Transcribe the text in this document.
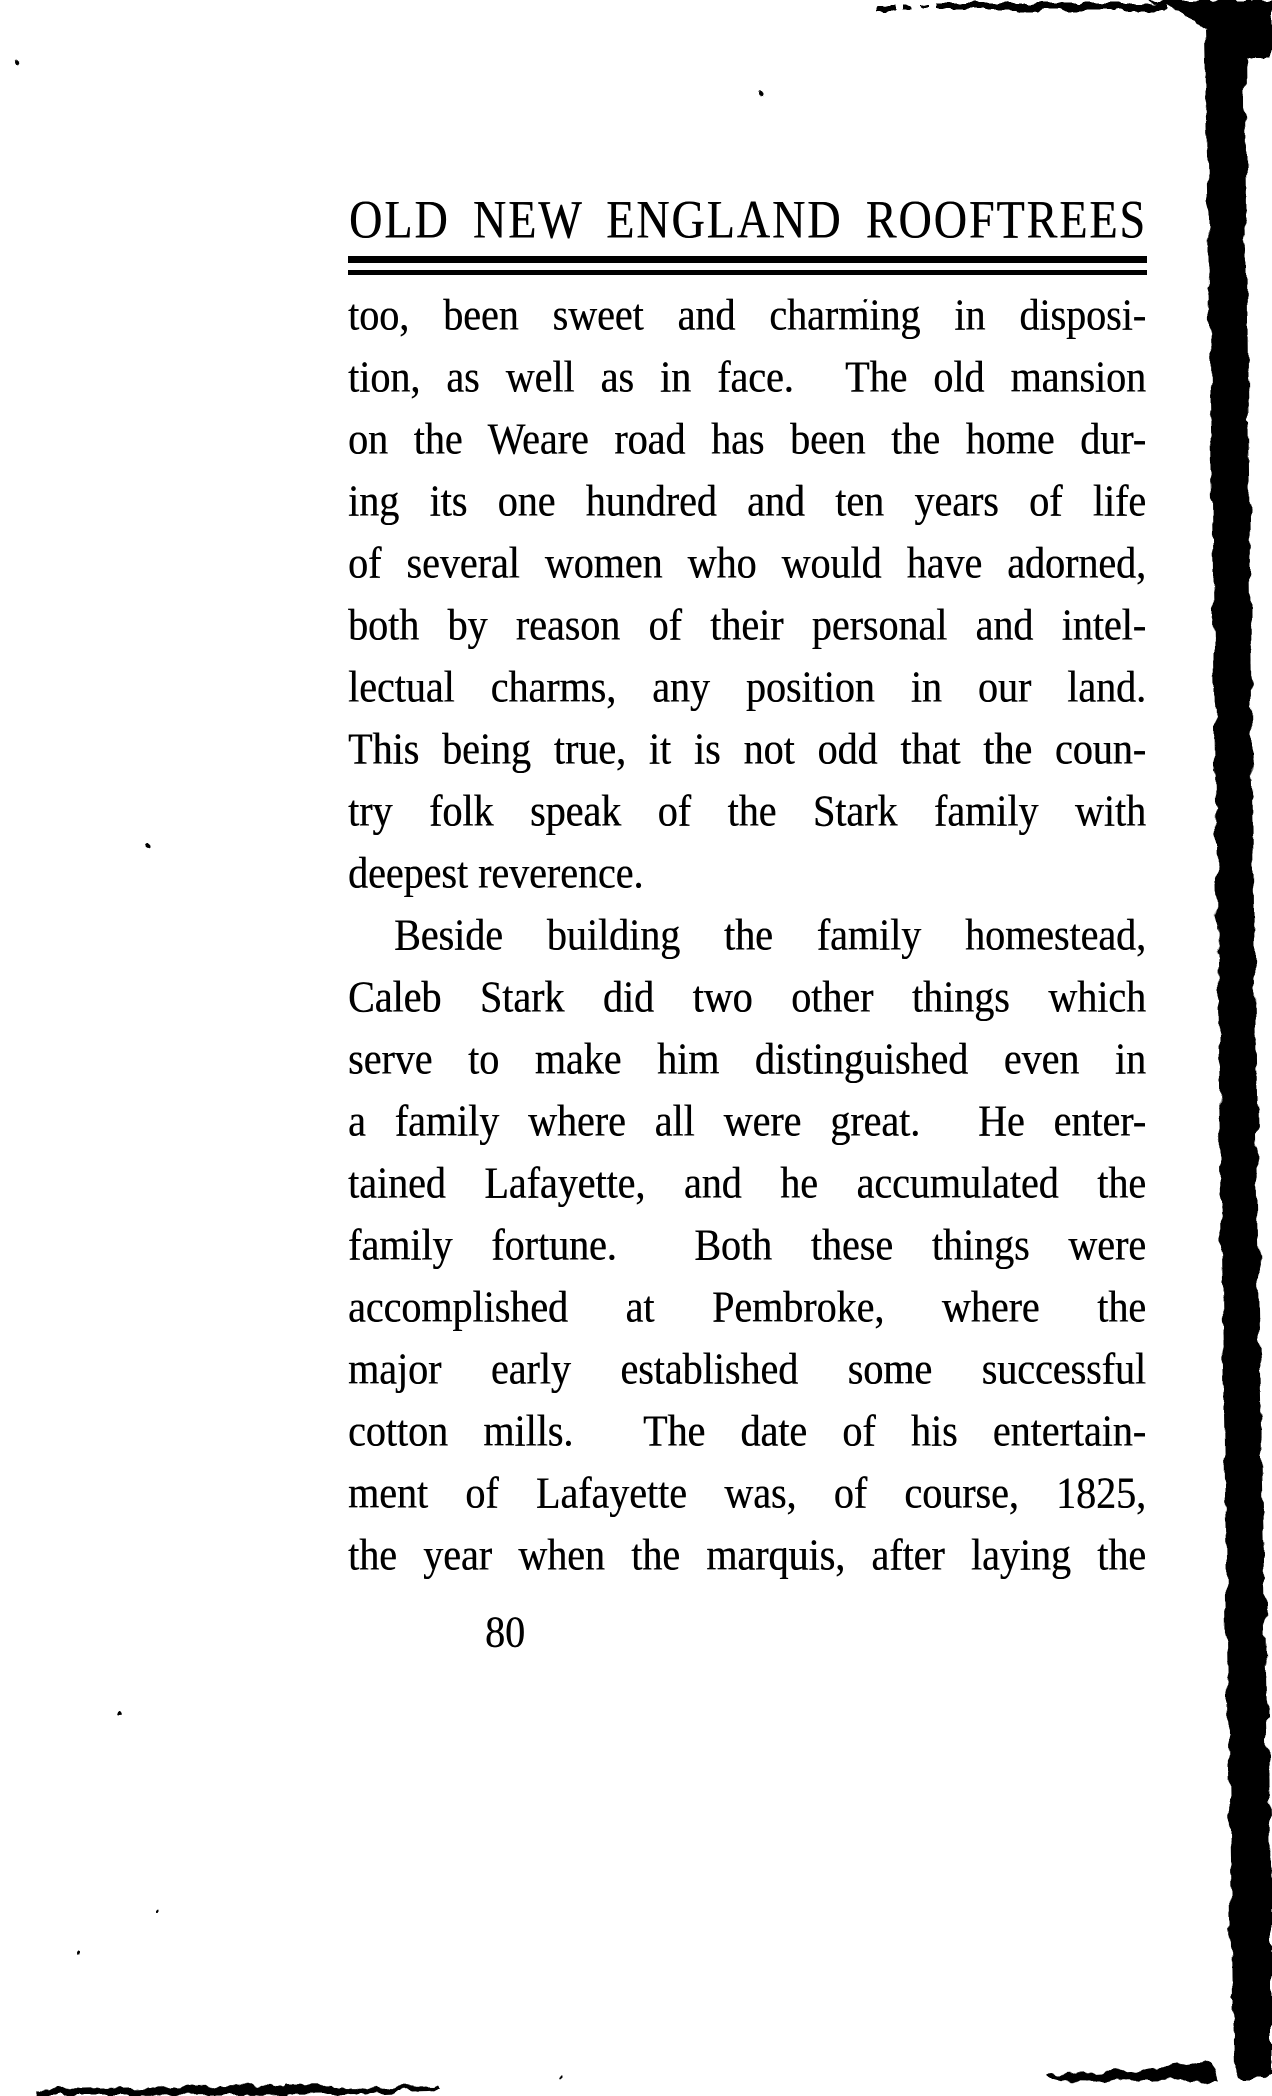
OLD NEW ENGLAND ROOFTREES
too, been sweet and charming in disposi-
tion, as well as in face.  The old mansion
on the Weare road has been the home dur-
ing its one hundred and ten years of life
of several women who would have adorned,
both by reason of their personal and intel-
lectual charms, any position in our land.
This being true, it is not odd that the coun-
try folk speak of the Stark family with
deepest reverence.
Beside building the family homestead,
Caleb Stark did two other things which
serve to make him distinguished even in
a family where all were great.  He enter-
tained Lafayette, and he accumulated the
family fortune.  Both these things were
accomplished at Pembroke, where the
major early established some successful
cotton mills.  The date of his entertain-
ment of Lafayette was, of course, 1825,
the year when the marquis, after laying the
80
